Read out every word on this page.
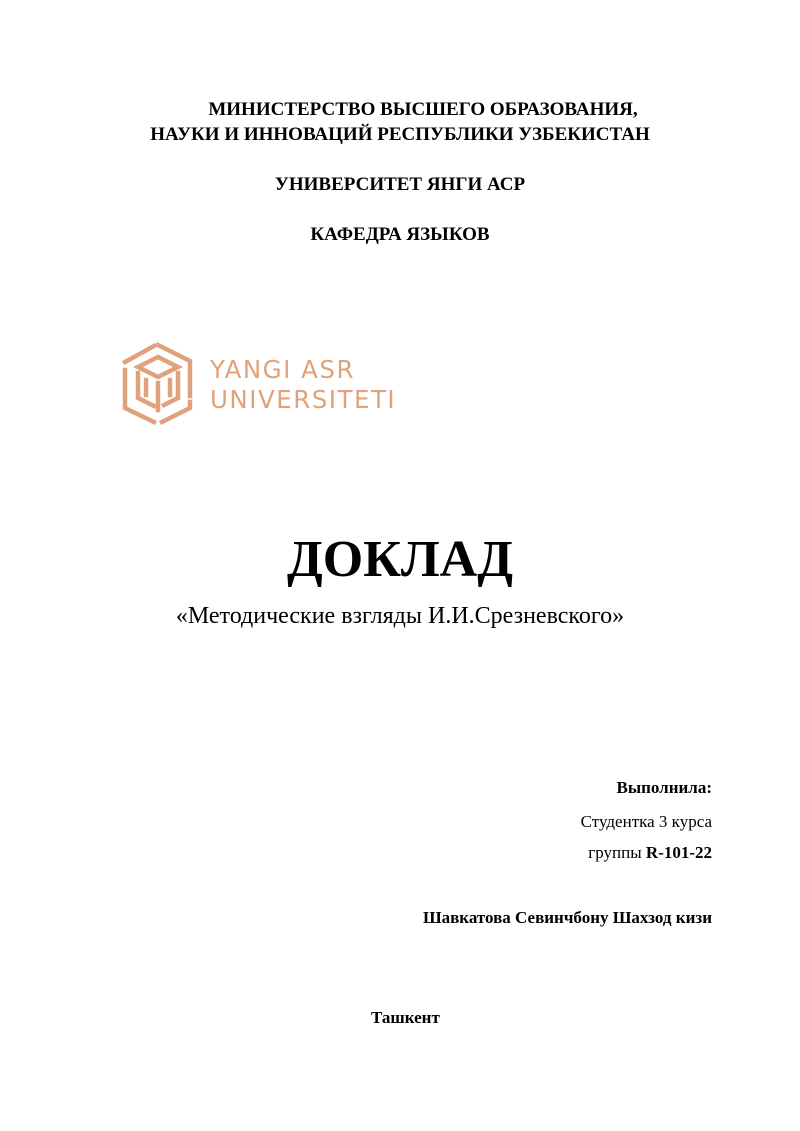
МИНИСТЕРСТВО ВЫСШЕГО ОБРАЗОВАНИЯ,
НАУКИ И ИННОВАЦИЙ РЕСПУБЛИКИ УЗБЕКИСТАН
УНИВЕРСИТЕТ ЯНГИ АСР
КАФЕДРА ЯЗЫКОВ
YANGI ASR
UNIVERSITETI
ДОКЛАД
«Методические взгляды И.И.Срезневского»
Выполнила:
Студентка 3 курса
группы R-101-22
Шавкатова Севинчбону Шахзод кизи
Ташкент
